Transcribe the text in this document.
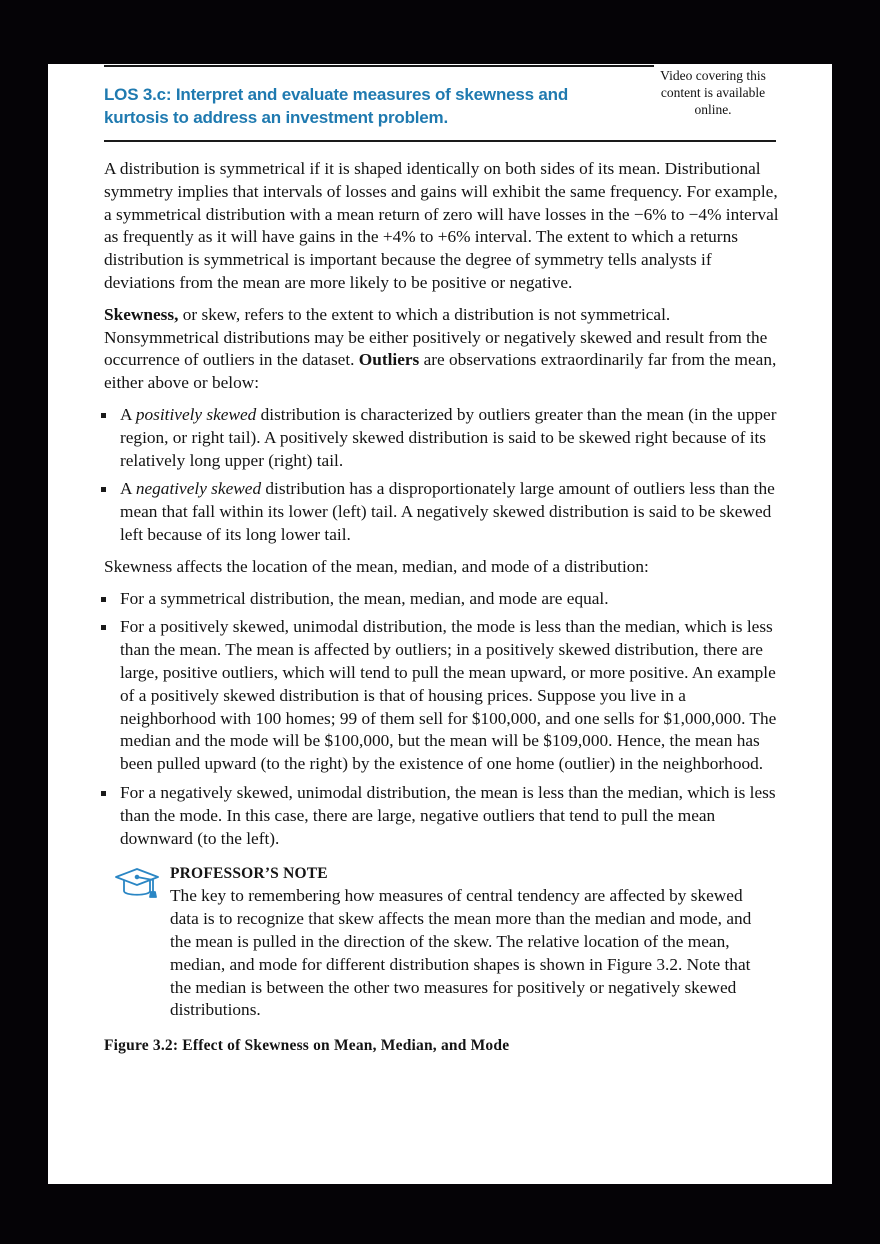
LOS 3.c: Interpret and evaluate measures of skewness and kurtosis to address an investment problem.
Video covering this content is available online.

A distribution is symmetrical if it is shaped identically on both sides of its mean. Distributional symmetry implies that intervals of losses and gains will exhibit the same frequency. For example, a symmetrical distribution with a mean return of zero will have losses in the −6% to −4% interval as frequently as it will have gains in the +4% to +6% interval. The extent to which a returns distribution is symmetrical is important because the degree of symmetry tells analysts if deviations from the mean are more likely to be positive or negative.

Skewness, or skew, refers to the extent to which a distribution is not symmetrical. Nonsymmetrical distributions may be either positively or negatively skewed and result from the occurrence of outliers in the dataset. Outliers are observations extraordinarily far from the mean, either above or below:

A positively skewed distribution is characterized by outliers greater than the mean (in the upper region, or right tail). A positively skewed distribution is said to be skewed right because of its relatively long upper (right) tail.
A negatively skewed distribution has a disproportionately large amount of outliers less than the mean that fall within its lower (left) tail. A negatively skewed distribution is said to be skewed left because of its long lower tail.

Skewness affects the location of the mean, median, and mode of a distribution:

For a symmetrical distribution, the mean, median, and mode are equal.
For a positively skewed, unimodal distribution, the mode is less than the median, which is less than the mean. The mean is affected by outliers; in a positively skewed distribution, there are large, positive outliers, which will tend to pull the mean upward, or more positive. An example of a positively skewed distribution is that of housing prices. Suppose you live in a neighborhood with 100 homes; 99 of them sell for $100,000, and one sells for $1,000,000. The median and the mode will be $100,000, but the mean will be $109,000. Hence, the mean has been pulled upward (to the right) by the existence of one home (outlier) in the neighborhood.
For a negatively skewed, unimodal distribution, the mean is less than the median, which is less than the mode. In this case, there are large, negative outliers that tend to pull the mean downward (to the left).
PROFESSOR’S NOTE
The key to remembering how measures of central tendency are affected by skewed data is to recognize that skew affects the mean more than the median and mode, and the mean is pulled in the direction of the skew. The relative location of the mean, median, and mode for different distribution shapes is shown in Figure 3.2. Note that the median is between the other two measures for positively or negatively skewed distributions.
Figure 3.2: Effect of Skewness on Mean, Median, and Mode
